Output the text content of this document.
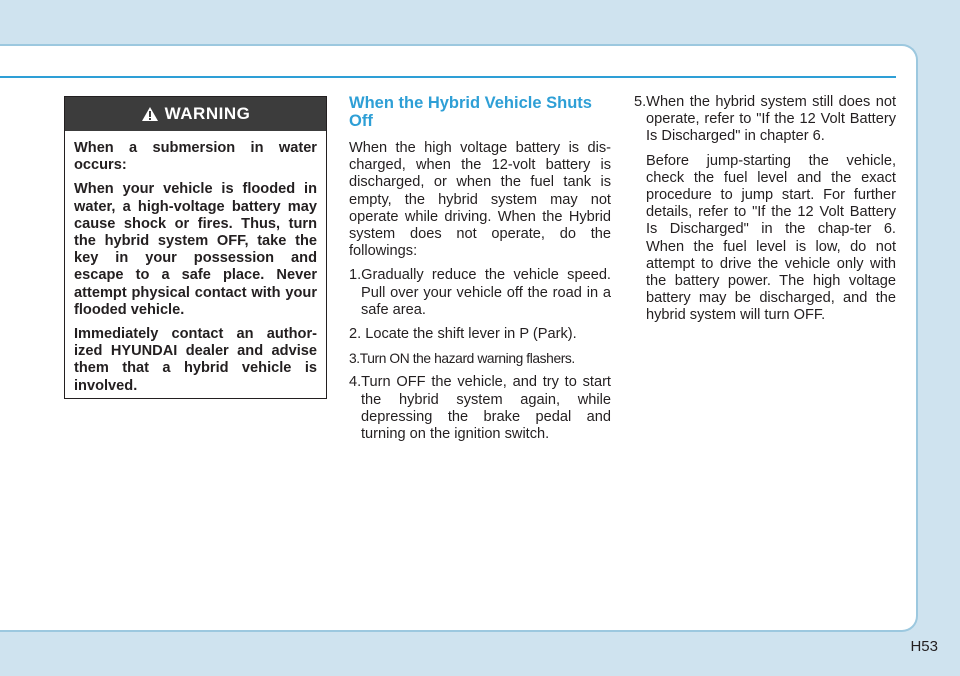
WARNING

When a submersion in water occurs:

When your vehicle is flooded in water, a high-voltage battery may cause shock or fires. Thus, turn the hybrid system OFF, take the key in your possession and escape to a safe place. Never attempt physical contact with your flooded vehicle.

Immediately contact an author-ized HYUNDAI dealer and advise them that a hybrid vehicle is involved.

When the Hybrid Vehicle Shuts Off

When the high voltage battery is dis-charged, when the 12-volt battery is discharged, or when the fuel tank is empty, the hybrid system may not operate while driving. When the Hybrid system does not operate, do the followings:

1.Gradually reduce the vehicle speed. Pull over your vehicle off the road in a safe area.
2. Locate the shift lever in P (Park).
3.Turn ON the hazard warning flashers.
4.Turn OFF the vehicle, and try to start the hybrid system again, while depressing the brake pedal and turning on the ignition switch.
5.When the hybrid system still does not operate, refer to "If the 12 Volt Battery Is Discharged" in chapter 6.
Before jump-starting the vehicle, check the fuel level and the exact procedure to jump start. For further details, refer to "If the 12 Volt Battery Is Discharged" in the chap-ter 6. When the fuel level is low, do not attempt to drive the vehicle only with the battery power. The high voltage battery may be discharged, and the hybrid system will turn OFF.
H53
